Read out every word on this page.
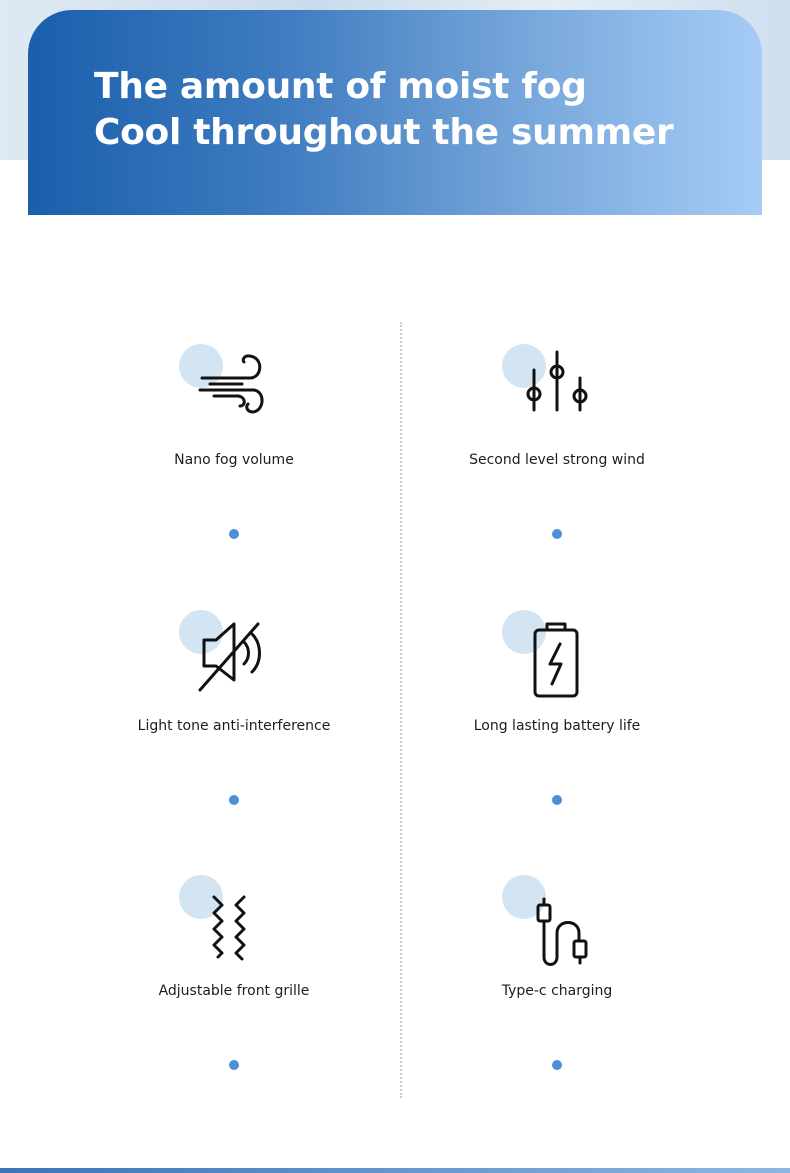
The amount of moist fog
Cool throughout the summer
Nano fog volume	Second level strong wind
Light tone anti-interference	Long lasting battery life
Adjustable front grille	Type-c charging
